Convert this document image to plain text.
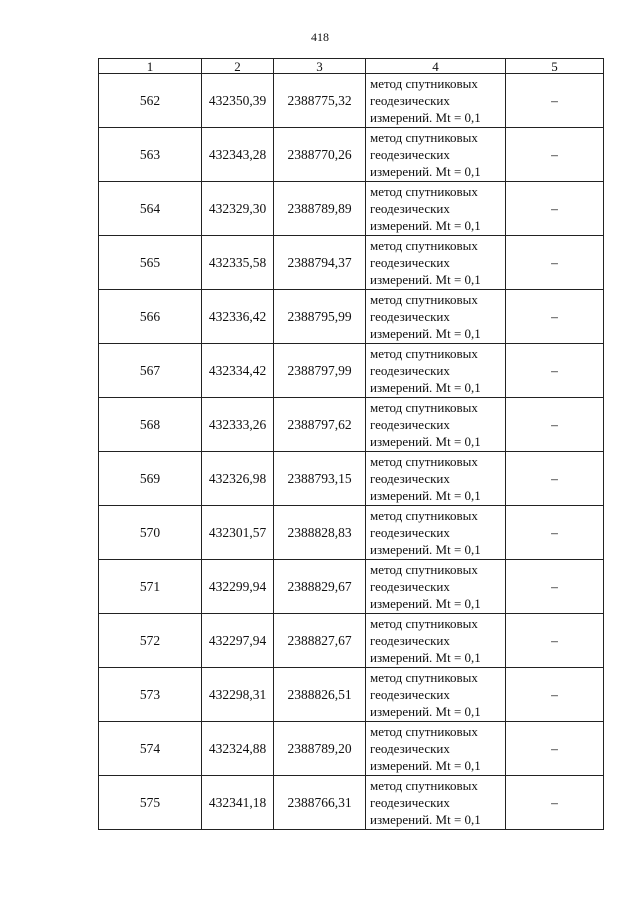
418
1	2	3	4	5
562	432350,39	2388775,32	метод спутниковых
геодезических
измерений. Mt = 0,1	–
563	432343,28	2388770,26	метод спутниковых
геодезических
измерений. Mt = 0,1	–
564	432329,30	2388789,89	метод спутниковых
геодезических
измерений. Mt = 0,1	–
565	432335,58	2388794,37	метод спутниковых
геодезических
измерений. Mt = 0,1	–
566	432336,42	2388795,99	метод спутниковых
геодезических
измерений. Mt = 0,1	–
567	432334,42	2388797,99	метод спутниковых
геодезических
измерений. Mt = 0,1	–
568	432333,26	2388797,62	метод спутниковых
геодезических
измерений. Mt = 0,1	–
569	432326,98	2388793,15	метод спутниковых
геодезических
измерений. Mt = 0,1	–
570	432301,57	2388828,83	метод спутниковых
геодезических
измерений. Mt = 0,1	–
571	432299,94	2388829,67	метод спутниковых
геодезических
измерений. Mt = 0,1	–
572	432297,94	2388827,67	метод спутниковых
геодезических
измерений. Mt = 0,1	–
573	432298,31	2388826,51	метод спутниковых
геодезических
измерений. Mt = 0,1	–
574	432324,88	2388789,20	метод спутниковых
геодезических
измерений. Mt = 0,1	–
575	432341,18	2388766,31	метод спутниковых
геодезических
измерений. Mt = 0,1	–
